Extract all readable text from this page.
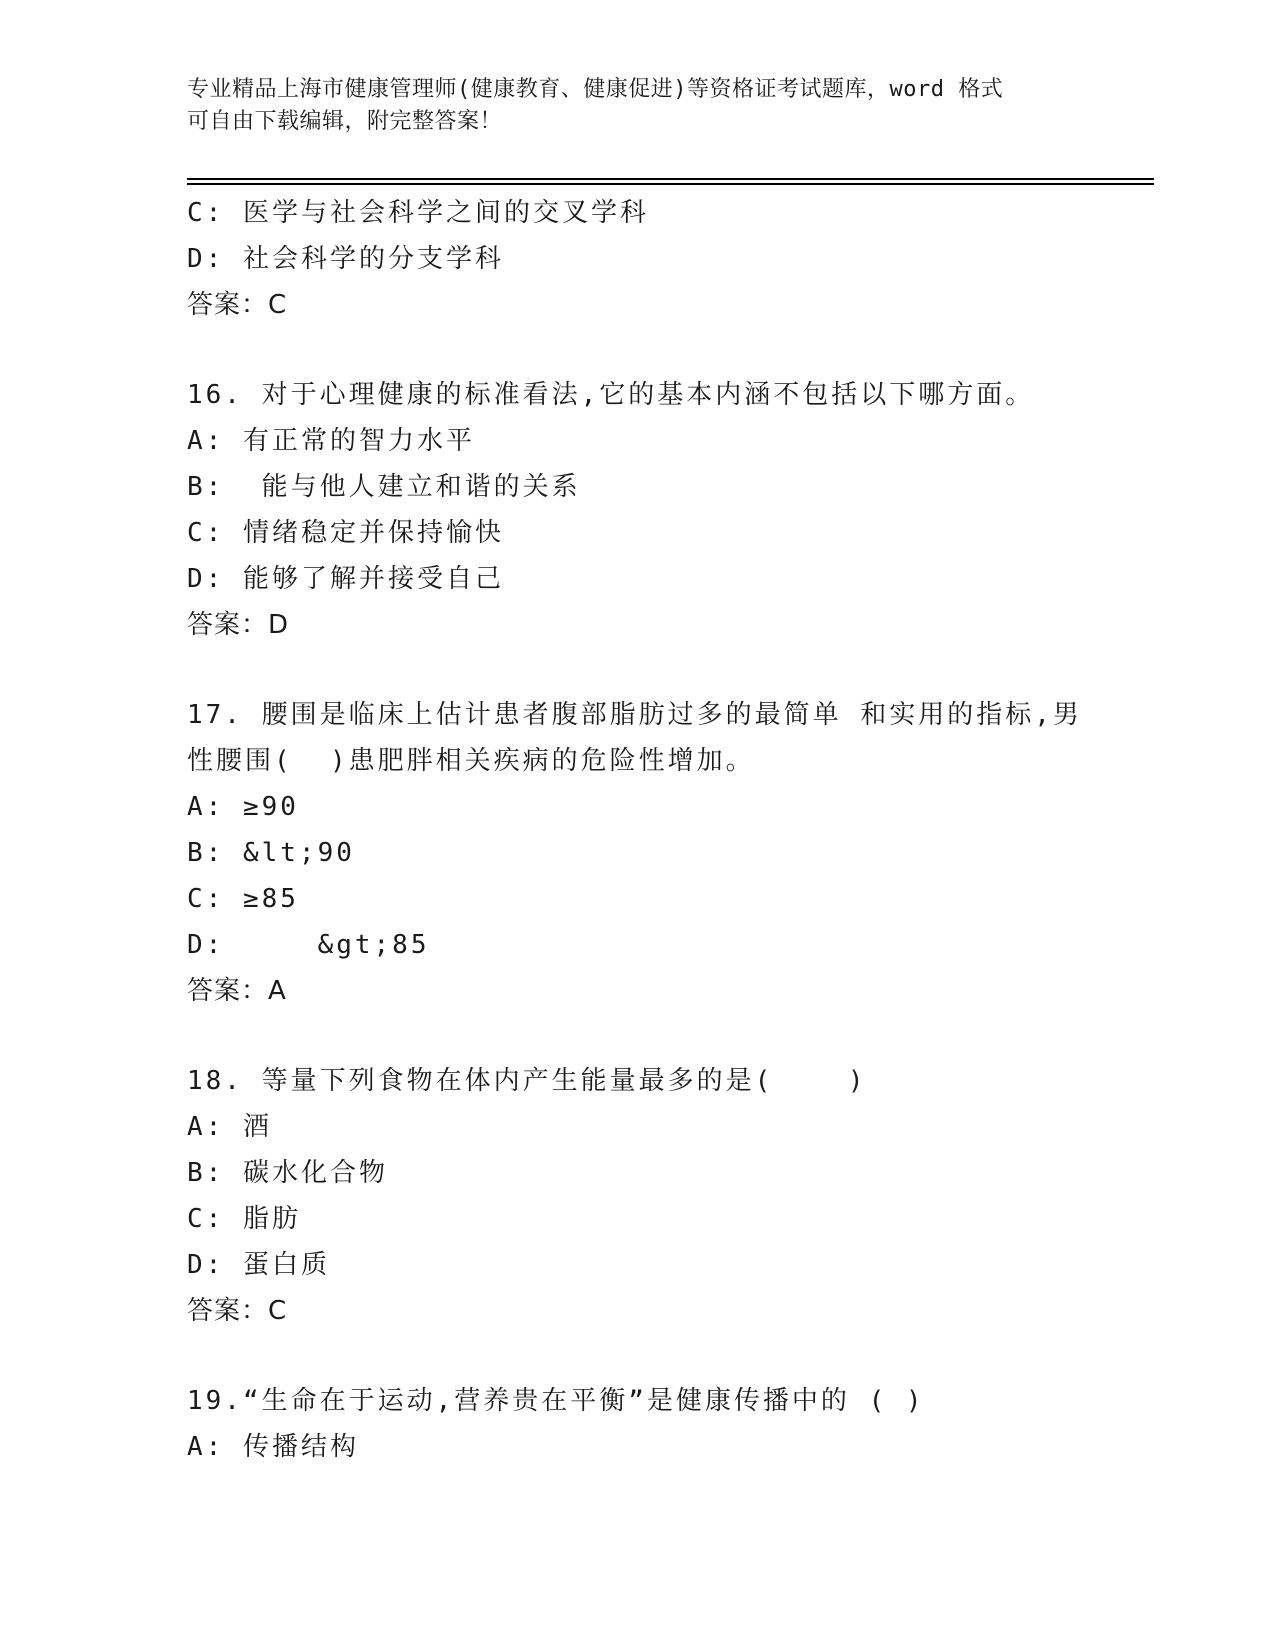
专业精品上海市健康管理师(健康教育、健康促进)等资格证考试题库，word 格式
可自由下载编辑，附完整答案！
C: 医学与社会科学之间的交叉学科
D: 社会科学的分支学科
答案：C
16. 对于心理健康的标准看法,它的基本内涵不包括以下哪方面。
A: 有正常的智力水平
B:  能与他人建立和谐的关系
C: 情绪稳定并保持愉快
D: 能够了解并接受自己
答案：D
17. 腰围是临床上估计患者腹部脂肪过多的最简单 和实用的指标,男
性腰围(  )患肥胖相关疾病的危险性增加。
A: ≥90
B: &lt;90
C: ≥85
D:     &gt;85
答案：A
18. 等量下列食物在体内产生能量最多的是(    )
A: 酒
B: 碳水化合物
C: 脂肪
D: 蛋白质
答案：C
19.“生命在于运动,营养贵在平衡”是健康传播中的 ( )
A: 传播结构
